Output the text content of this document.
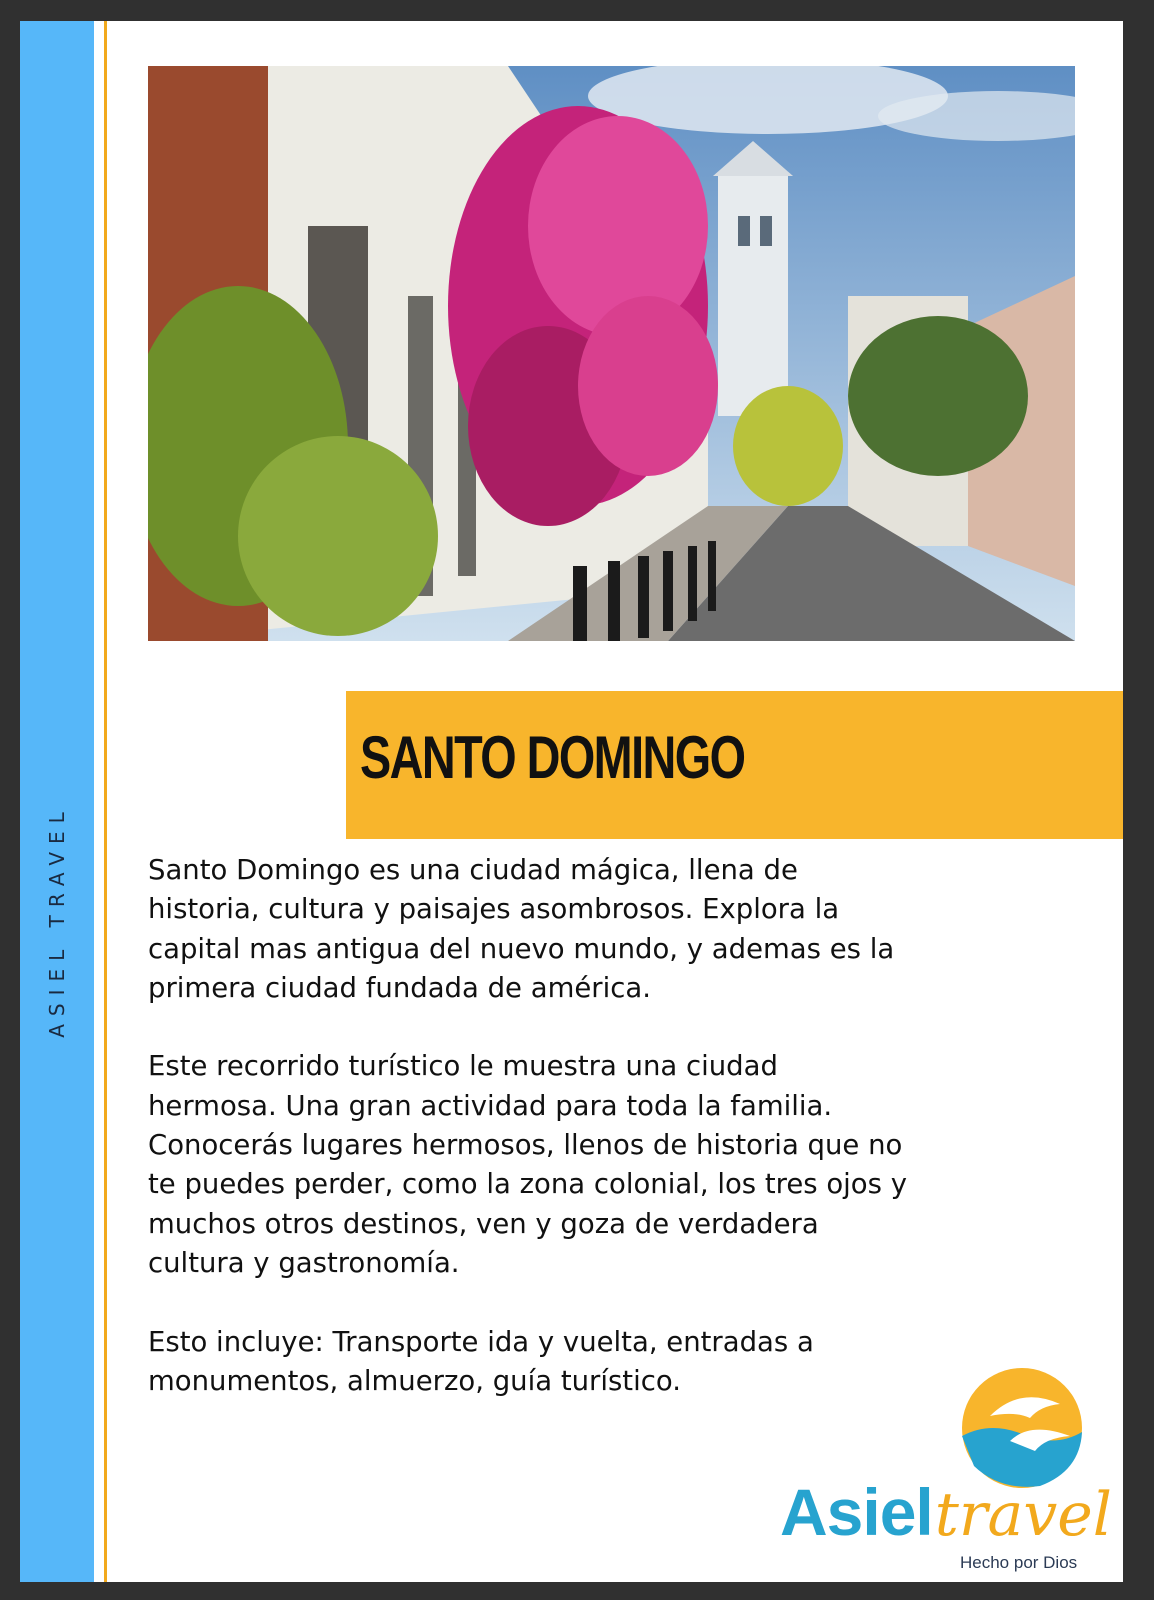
ASIEL TRAVEL
SANTO DOMINGO

Santo Domingo es una ciudad mágica, llena de historia, cultura y paisajes asombrosos. Explora la capital mas antigua del nuevo mundo, y ademas es la primera ciudad fundada de américa.

Este recorrido turístico le muestra una ciudad hermosa. Una gran actividad para toda la familia. Conocerás lugares hermosos, llenos de historia que no te puedes perder, como la zona colonial, los tres ojos y muchos otros destinos, ven y goza de verdadera cultura y gastronomía.

Esto incluye: Transporte ida y vuelta, entradas a monumentos, almuerzo, guía turístico.

Asieltravel
Hecho por Dios
